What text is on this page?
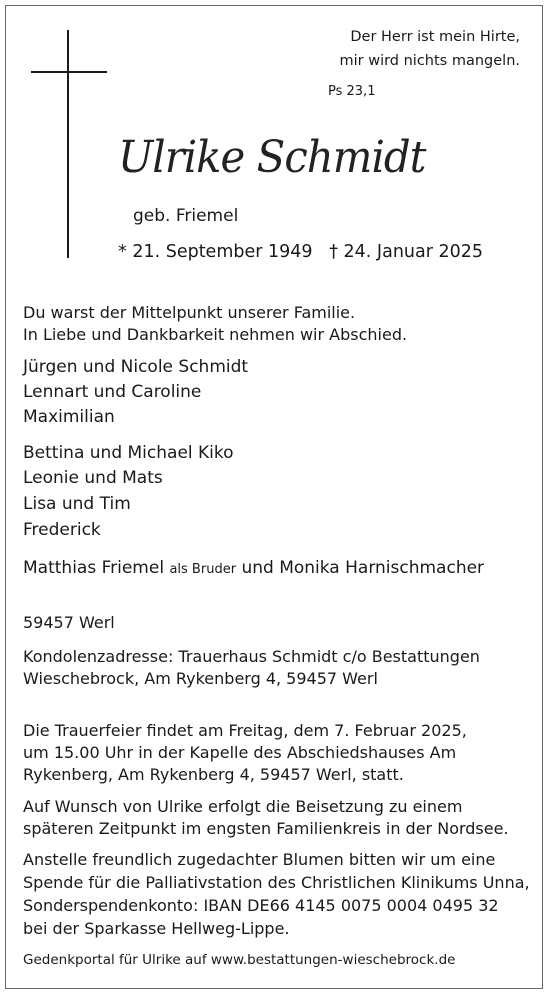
Der Herr ist mein Hirte,
mir wird nichts mangeln.
Ps 23,1
Ulrike Schmidt
geb. Friemel
* 21. September 1949   † 24. Januar 2025
Du warst der Mittelpunkt unserer Familie.
In Liebe und Dankbarkeit nehmen wir Abschied.
Jürgen und Nicole Schmidt
Lennart und Caroline
Maximilian
Bettina und Michael Kiko
Leonie und Mats
Lisa und Tim
Frederick
Matthias Friemel als Bruder und Monika Harnischmacher
59457 Werl
Kondolenzadresse: Trauerhaus Schmidt c/o Bestattungen
Wieschebrock, Am Rykenberg 4, 59457 Werl
Die Trauerfeier findet am Freitag, dem 7. Februar 2025,
um 15.00 Uhr in der Kapelle des Abschiedshauses Am
Rykenberg, Am Rykenberg 4, 59457 Werl, statt.
Auf Wunsch von Ulrike erfolgt die Beisetzung zu einem
späteren Zeitpunkt im engsten Familienkreis in der Nordsee.
Anstelle freundlich zugedachter Blumen bitten wir um eine
Spende für die Palliativstation des Christlichen Klinikums Unna,
Sonderspendenkonto: IBAN DE66 4145 0075 0004 0495 32
bei der Sparkasse Hellweg-Lippe.
Gedenkportal für Ulrike auf www.bestattungen-wieschebrock.de
